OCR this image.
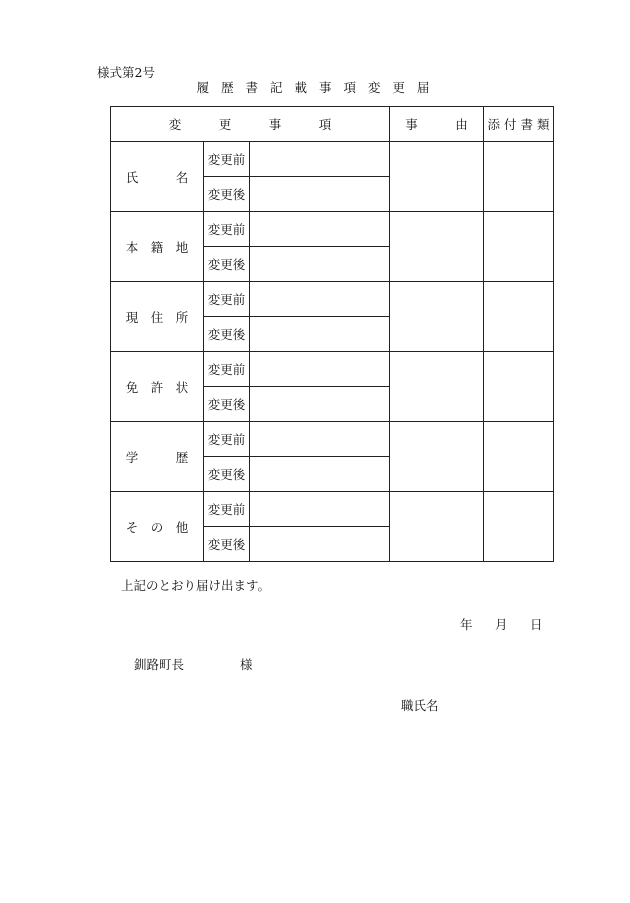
様式第2号
履 歴 書 記 載 事 項 変 更 届
変　　　更　　　事　　　項			事　　　由	添 付 書 類
氏　　　名	変更前			
	変更後			
本　籍　地	変更前			
	変更後			
現　住　所	変更前			
	変更後			
免　許　状	変更前			
	変更後			
学　　　歴	変更前			
	変更後			
そ　の　他	変更前			
	変更後			
上記のとおり届け出ます。
年 月 日
釧路町長	様
職氏名
